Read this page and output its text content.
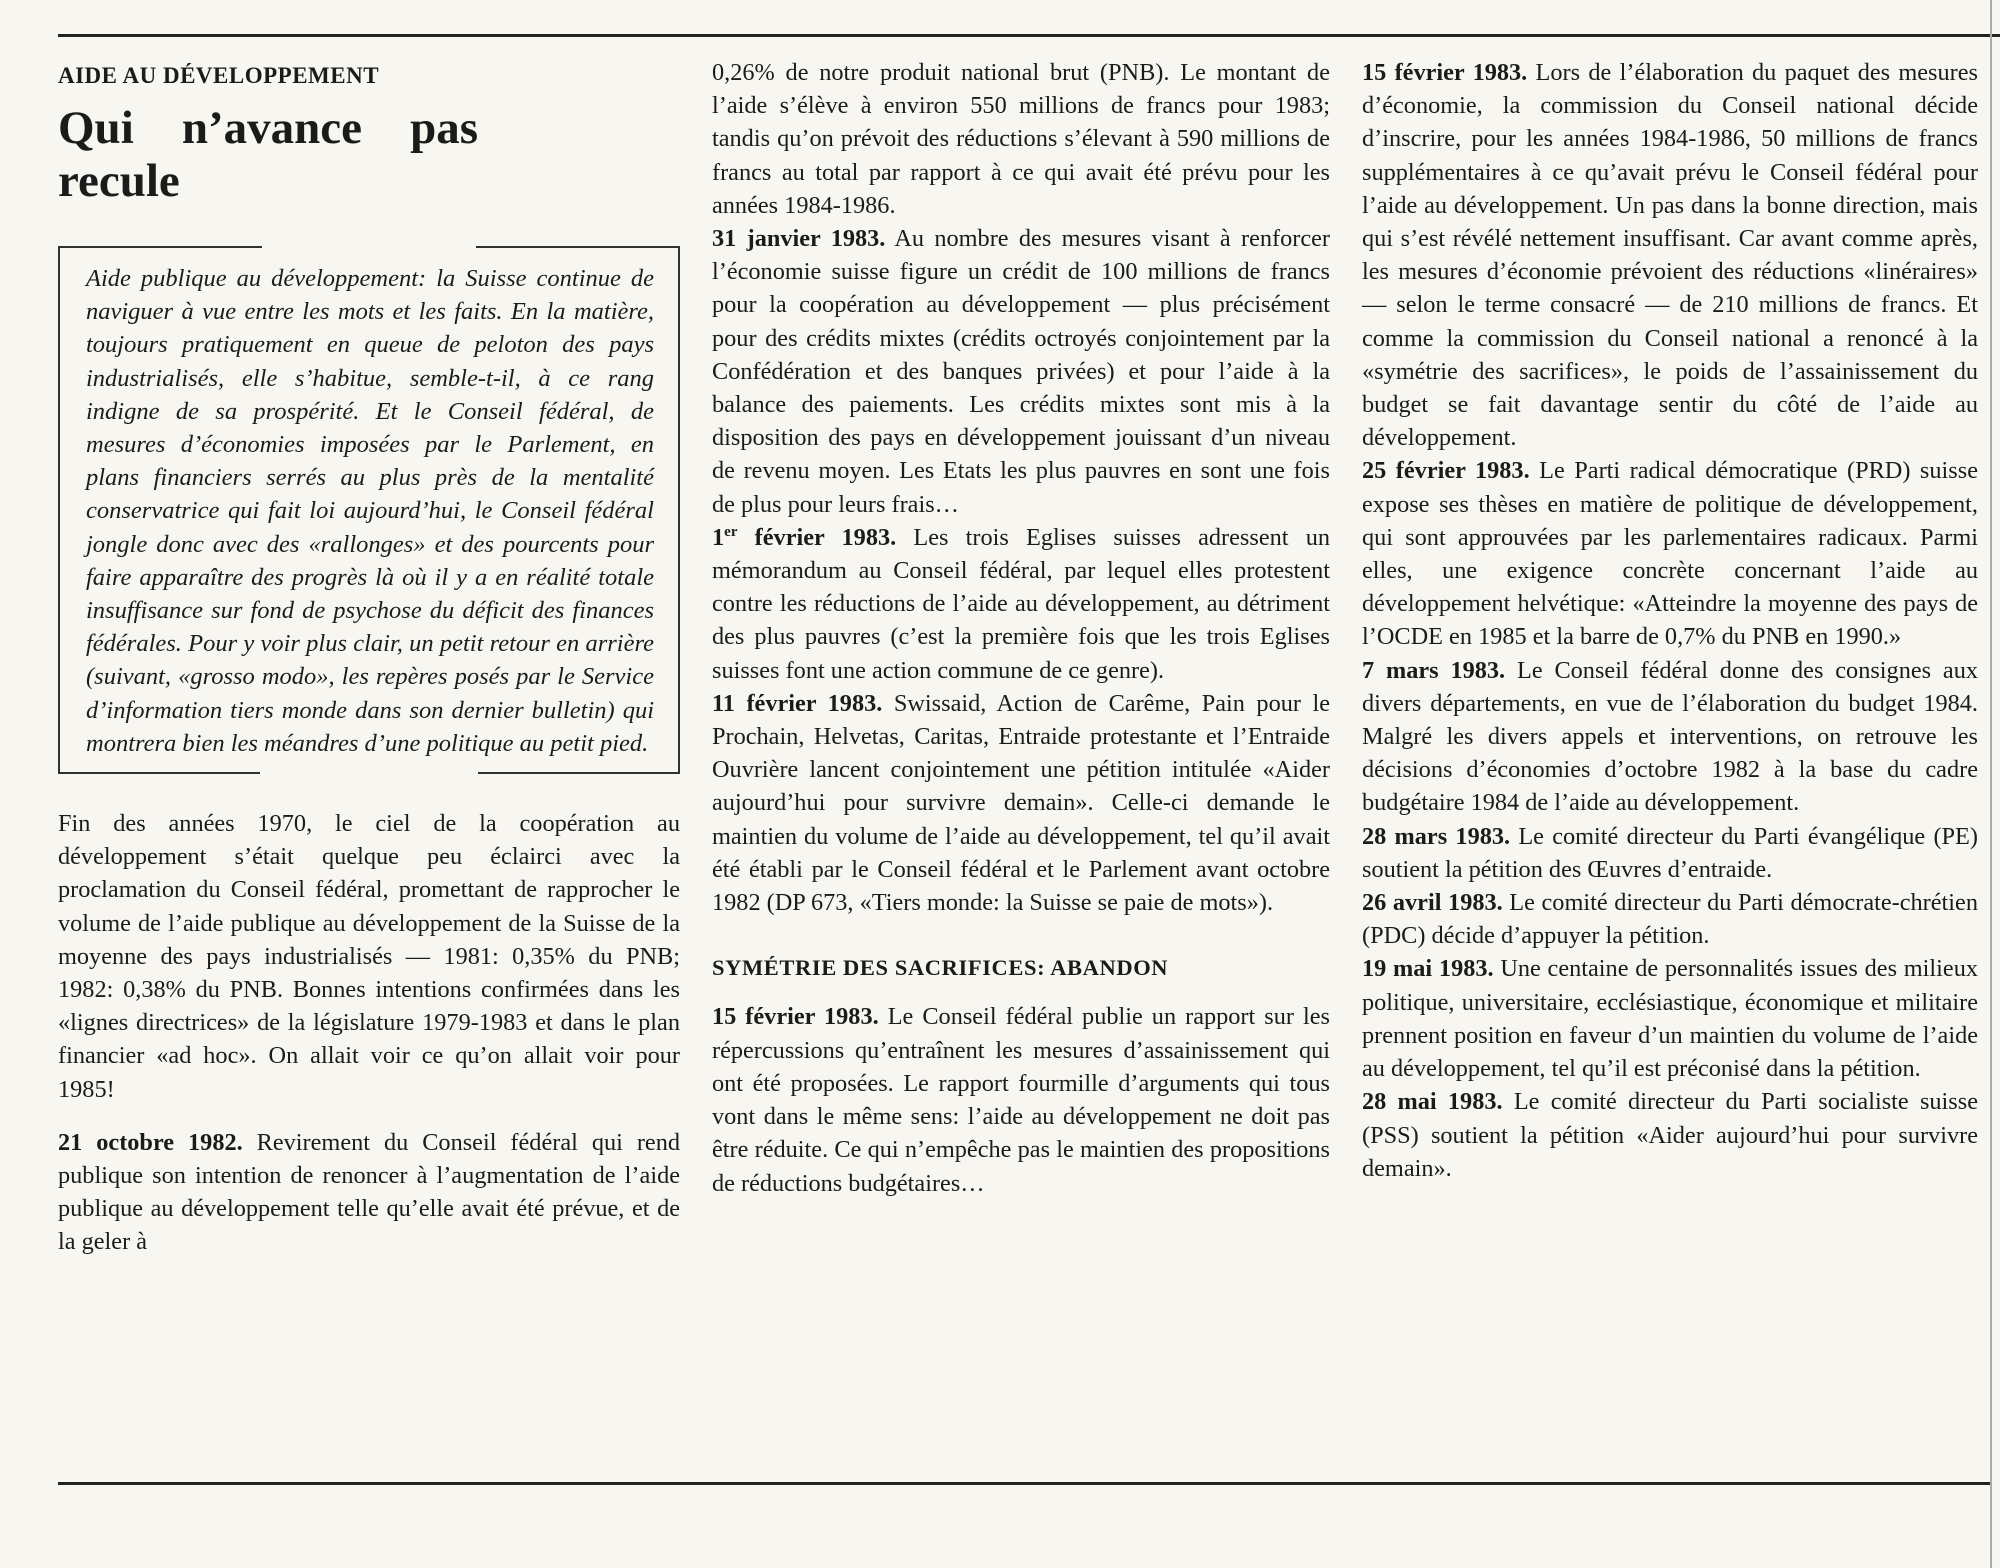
AIDE AU DÉVELOPPEMENT
Qui n’avance pas recule

Aide publique au développement: la Suisse continue de naviguer à vue entre les mots et les faits. En la matière, toujours pratiquement en queue de peloton des pays industrialisés, elle s’habitue, semble-t-il, à ce rang indigne de sa prospérité. Et le Conseil fédéral, de mesures d’économies imposées par le Parlement, en plans financiers serrés au plus près de la mentalité conservatrice qui fait loi aujourd’hui, le Conseil fédéral jongle donc avec des «rallonges» et des pourcents pour faire apparaître des progrès là où il y a en réalité totale insuffisance sur fond de psychose du déficit des finances fédérales. Pour y voir plus clair, un petit retour en arrière (suivant, «grosso modo», les repères posés par le Service d’information tiers monde dans son dernier bulletin) qui montrera bien les méandres d’une politique au petit pied.

Fin des années 1970, le ciel de la coopération au développement s’était quelque peu éclairci avec la proclamation du Conseil fédéral, promettant de rapprocher le volume de l’aide publique au développement de la Suisse de la moyenne des pays industrialisés — 1981: 0,35% du PNB; 1982: 0,38% du PNB. Bonnes intentions confirmées dans les «lignes directrices» de la législature 1979-1983 et dans le plan financier «ad hoc». On allait voir ce qu’on allait voir pour 1985!

21 octobre 1982. Revirement du Conseil fédéral qui rend publique son intention de renoncer à l’augmentation de l’aide publique au développement telle qu’elle avait été prévue, et de la geler à

0,26% de notre produit national brut (PNB). Le montant de l’aide s’élève à environ 550 millions de francs pour 1983; tandis qu’on prévoit des réductions s’élevant à 590 millions de francs au total par rapport à ce qui avait été prévu pour les années 1984-1986.

31 janvier 1983. Au nombre des mesures visant à renforcer l’économie suisse figure un crédit de 100 millions de francs pour la coopération au développement — plus précisément pour des crédits mixtes (crédits octroyés conjointement par la Confédération et des banques privées) et pour l’aide à la balance des paiements. Les crédits mixtes sont mis à la disposition des pays en développement jouissant d’un niveau de revenu moyen. Les Etats les plus pauvres en sont une fois de plus pour leurs frais…

1er février 1983. Les trois Eglises suisses adressent un mémorandum au Conseil fédéral, par lequel elles protestent contre les réductions de l’aide au développement, au détriment des plus pauvres (c’est la première fois que les trois Eglises suisses font une action commune de ce genre).

11 février 1983. Swissaid, Action de Carême, Pain pour le Prochain, Helvetas, Caritas, Entraide protestante et l’Entraide Ouvrière lancent conjointement une pétition intitulée «Aider aujourd’hui pour survivre demain». Celle-ci demande le maintien du volume de l’aide au développement, tel qu’il avait été établi par le Conseil fédéral et le Parlement avant octobre 1982 (DP 673, «Tiers monde: la Suisse se paie de mots»).

SYMÉTRIE DES SACRIFICES: ABANDON

15 février 1983. Le Conseil fédéral publie un rapport sur les répercussions qu’entraînent les mesures d’assainissement qui ont été proposées. Le rapport fourmille d’arguments qui tous vont dans le même sens: l’aide au développement ne doit pas être réduite. Ce qui n’empêche pas le maintien des propositions de réductions budgétaires…

15 février 1983. Lors de l’élaboration du paquet des mesures d’économie, la commission du Conseil national décide d’inscrire, pour les années 1984-1986, 50 millions de francs supplémentaires à ce qu’avait prévu le Conseil fédéral pour l’aide au développement. Un pas dans la bonne direction, mais qui s’est révélé nettement insuffisant. Car avant comme après, les mesures d’économie prévoient des réductions «linéraires» — selon le terme consacré — de 210 millions de francs. Et comme la commission du Conseil national a renoncé à la «symétrie des sacrifices», le poids de l’assainissement du budget se fait davantage sentir du côté de l’aide au développement.

25 février 1983. Le Parti radical démocratique (PRD) suisse expose ses thèses en matière de politique de développement, qui sont approuvées par les parlementaires radicaux. Parmi elles, une exigence concrète concernant l’aide au développement helvétique: «Atteindre la moyenne des pays de l’OCDE en 1985 et la barre de 0,7% du PNB en 1990.»

7 mars 1983. Le Conseil fédéral donne des consignes aux divers départements, en vue de l’élaboration du budget 1984. Malgré les divers appels et interventions, on retrouve les décisions d’économies d’octobre 1982 à la base du cadre budgétaire 1984 de l’aide au développement.

28 mars 1983. Le comité directeur du Parti évangélique (PE) soutient la pétition des Œuvres d’entraide.

26 avril 1983. Le comité directeur du Parti démocrate-chrétien (PDC) décide d’appuyer la pétition.

19 mai 1983. Une centaine de personnalités issues des milieux politique, universitaire, ecclésiastique, économique et militaire prennent position en faveur d’un maintien du volume de l’aide au développement, tel qu’il est préconisé dans la pétition.

28 mai 1983. Le comité directeur du Parti socialiste suisse (PSS) soutient la pétition «Aider aujourd’hui pour survivre demain».
